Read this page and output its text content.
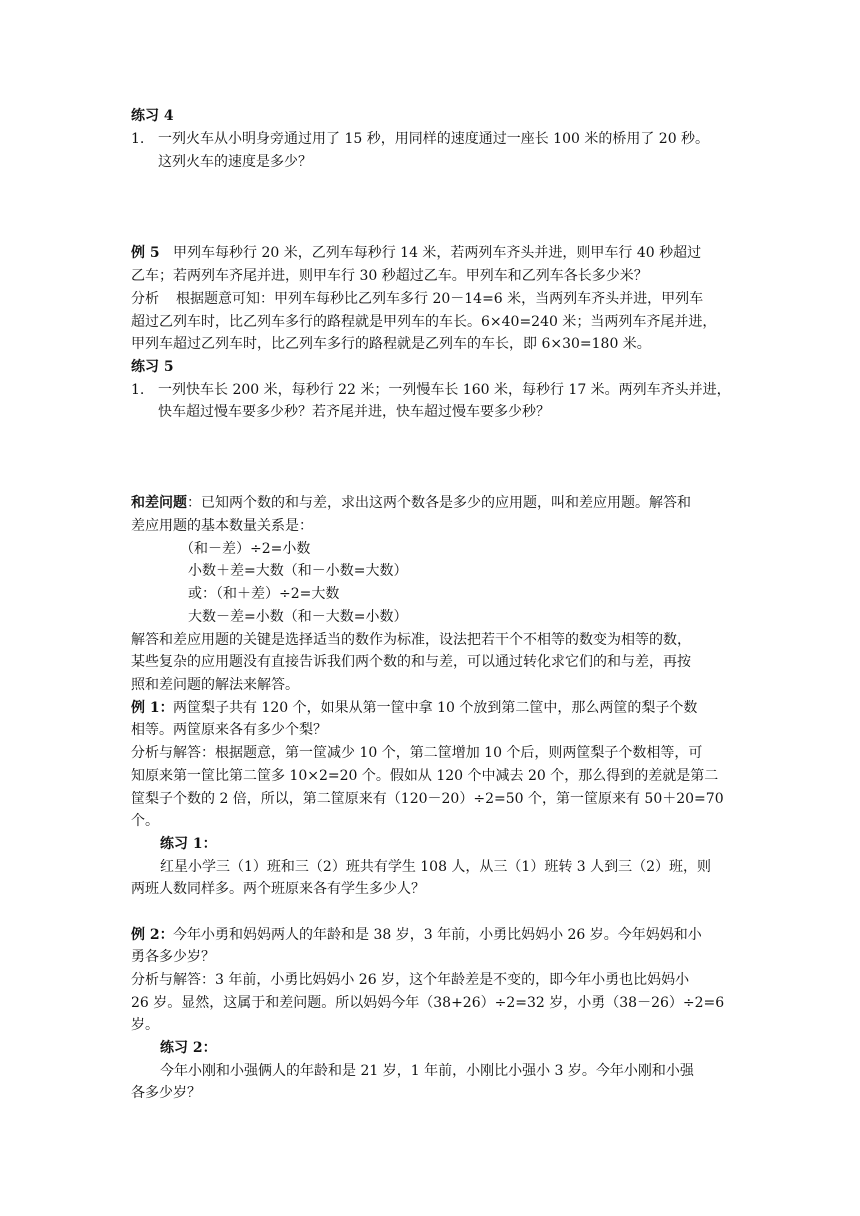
练习 4
1. 一列火车从小明身旁通过用了 15 秒，用同样的速度通过一座长 100 米的桥用了 20 秒。
这列火车的速度是多少？
例 5 甲列车每秒行 20 米，乙列车每秒行 14 米，若两列车齐头并进，则甲车行 40 秒超过
乙车；若两列车齐尾并进，则甲车行 30 秒超过乙车。甲列车和乙列车各长多少米？
分析 根据题意可知：甲列车每秒比乙列车多行 20－14=6 米，当两列车齐头并进，甲列车
超过乙列车时，比乙列车多行的路程就是甲列车的车长。6×40=240 米；当两列车齐尾并进，
甲列车超过乙列车时，比乙列车多行的路程就是乙列车的车长，即 6×30=180 米。
练习 5
1. 一列快车长 200 米，每秒行 22 米；一列慢车长 160 米，每秒行 17 米。两列车齐头并进，
快车超过慢车要多少秒？若齐尾并进，快车超过慢车要多少秒？
和差问题：已知两个数的和与差，求出这两个数各是多少的应用题，叫和差应用题。解答和
差应用题的基本数量关系是：
（和－差）÷2=小数
小数＋差=大数（和－小数=大数）
或：（和＋差）÷2=大数
大数－差=小数（和－大数=小数）
解答和差应用题的关键是选择适当的数作为标准，设法把若干个不相等的数变为相等的数，
某些复杂的应用题没有直接告诉我们两个数的和与差，可以通过转化求它们的和与差，再按
照和差问题的解法来解答。
例 1： 两筐梨子共有 120 个，如果从第一筐中拿 10 个放到第二筐中，那么两筐的梨子个数
相等。两筐原来各有多少个梨？
分析与解答：根据题意，第一筐减少 10 个，第二筐增加 10 个后，则两筐梨子个数相等，可
知原来第一筐比第二筐多 10×2=20 个。假如从 120 个中减去 20 个，那么得到的差就是第二
筐梨子个数的 2 倍，所以，第二筐原来有（120－20）÷2=50 个，第一筐原来有 50＋20=70
个。
练习 1：
红星小学三（1）班和三（2）班共有学生 108 人，从三（1）班转 3 人到三（2）班，则
两班人数同样多。两个班原来各有学生多少人？
例 2： 今年小勇和妈妈两人的年龄和是 38 岁，3 年前，小勇比妈妈小 26 岁。今年妈妈和小
勇各多少岁？
分析与解答：3 年前，小勇比妈妈小 26 岁，这个年龄差是不变的，即今年小勇也比妈妈小
26 岁。显然，这属于和差问题。所以妈妈今年（38+26）÷2=32 岁，小勇（38－26）÷2=6
岁。
练习 2：
今年小刚和小强俩人的年龄和是 21 岁，1 年前，小刚比小强小 3 岁。今年小刚和小强
各多少岁？
